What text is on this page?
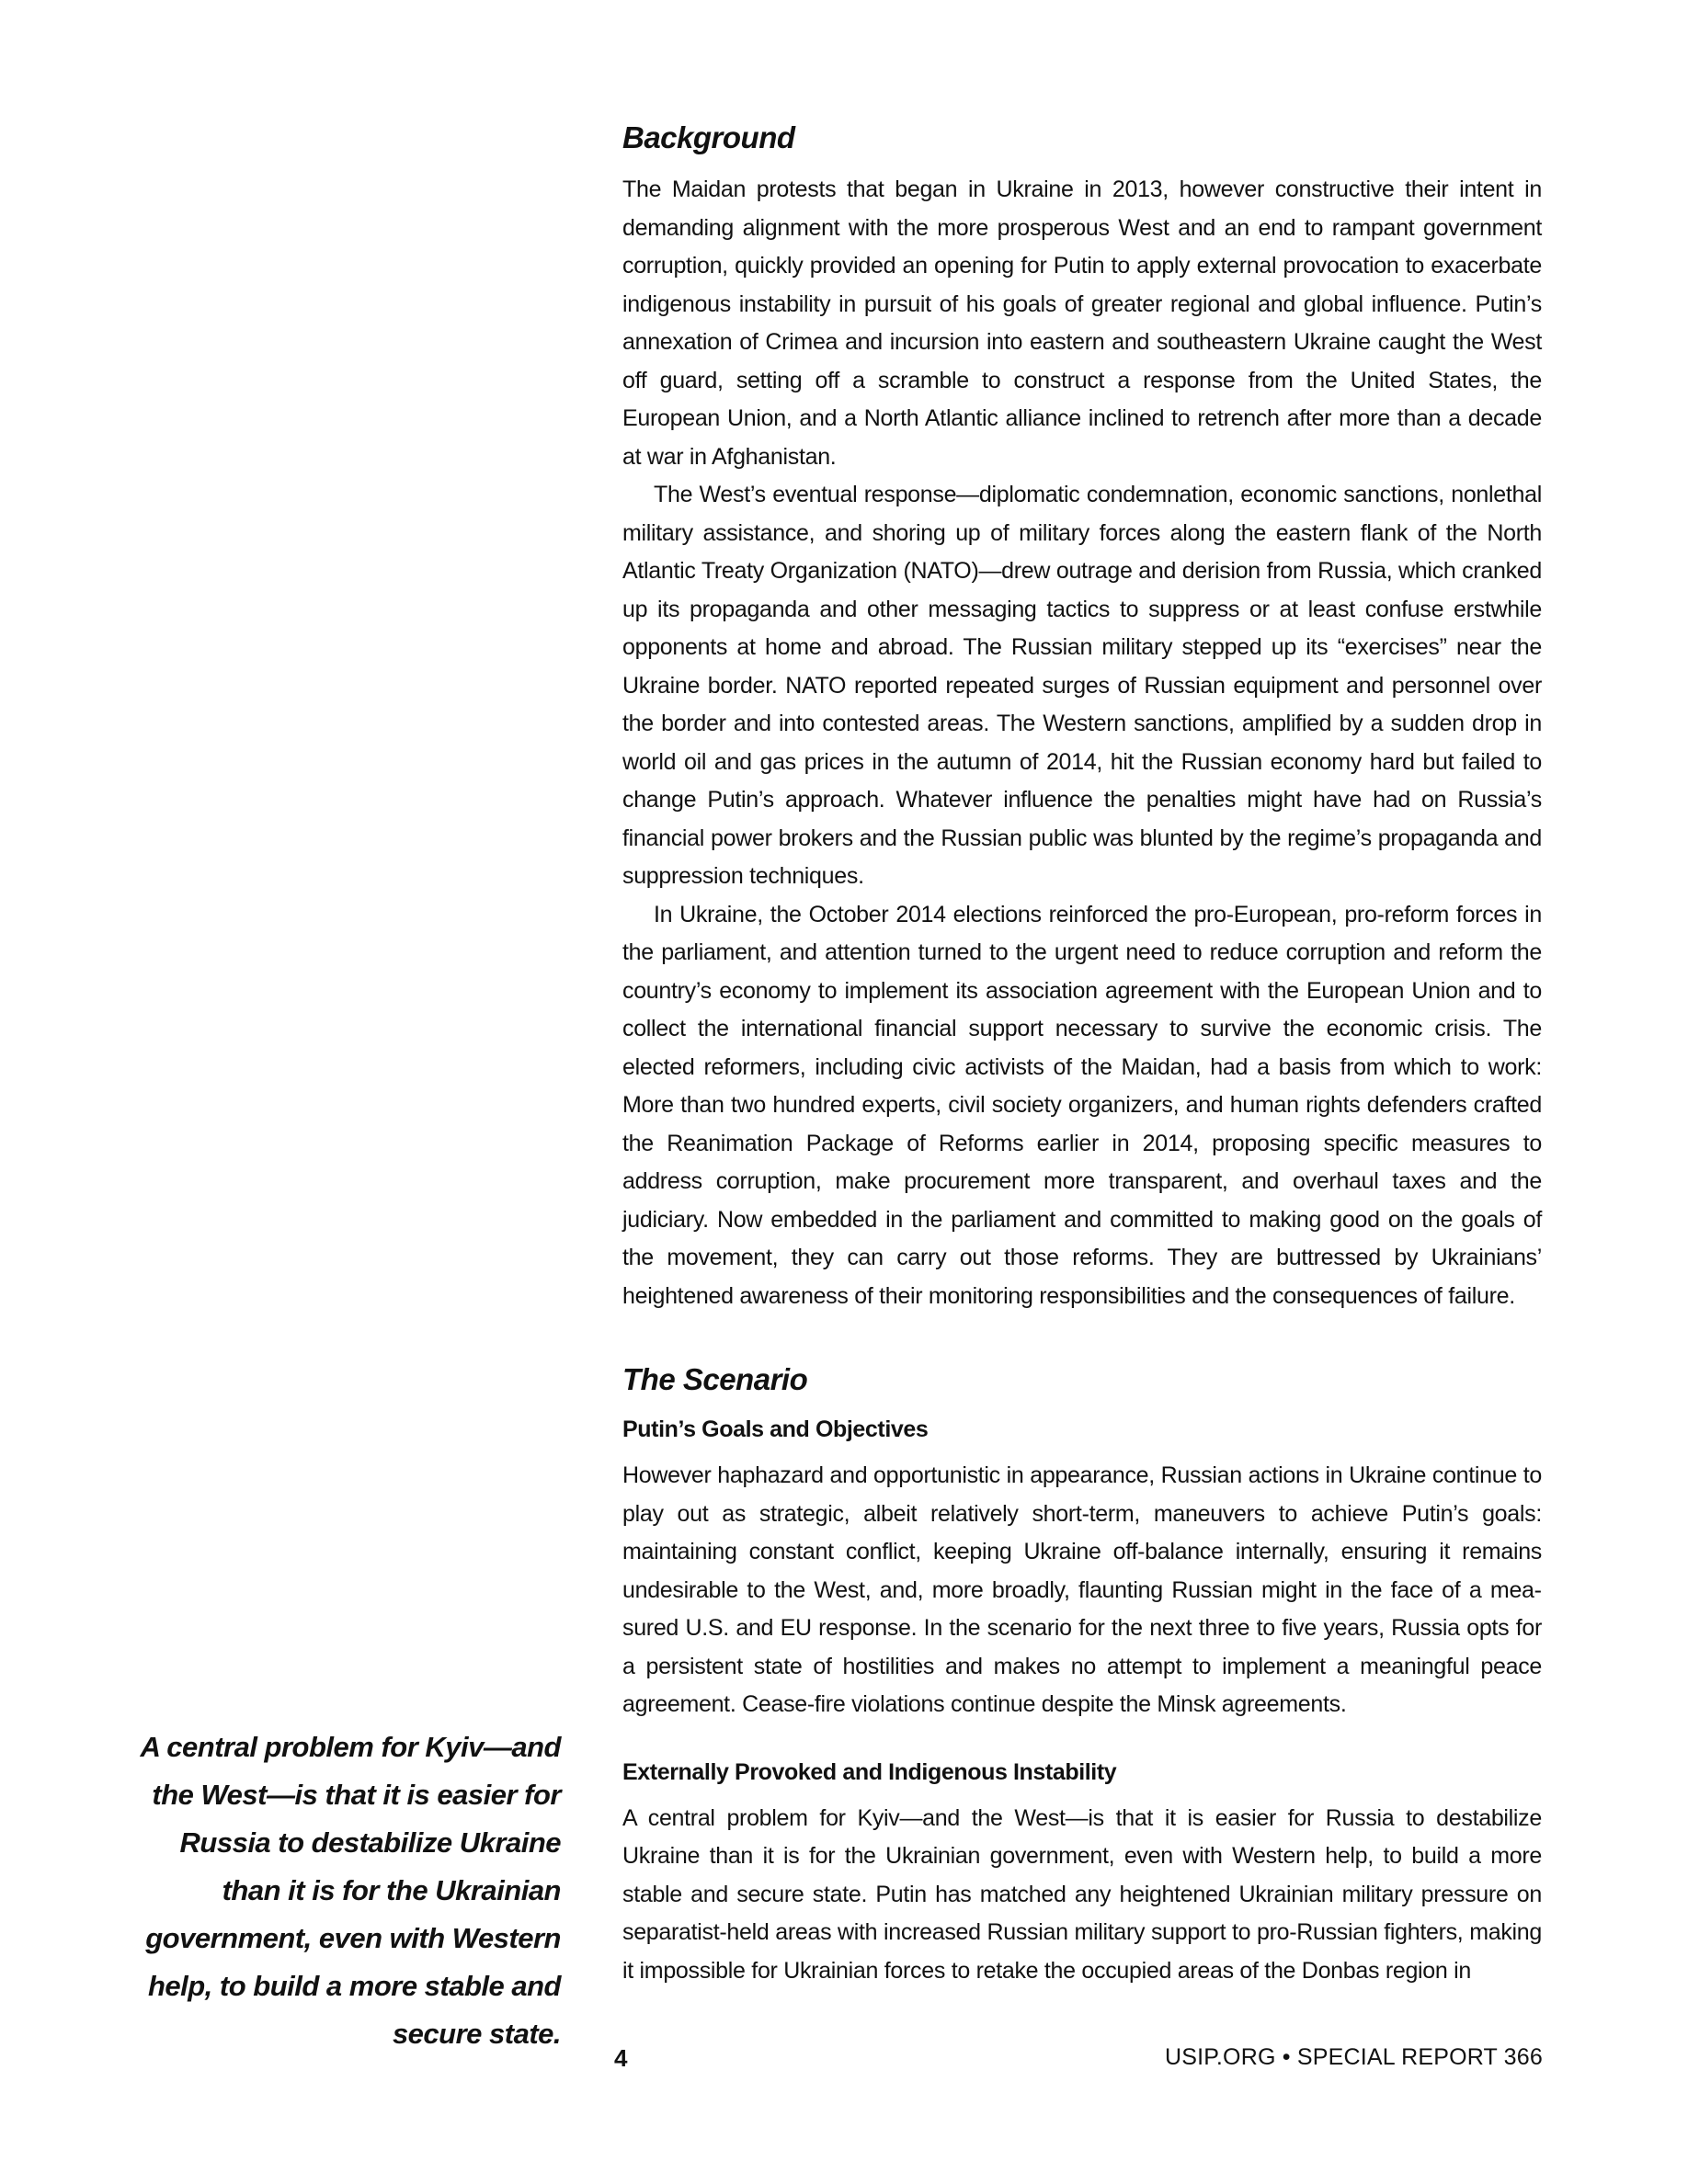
Background

The Maidan protests that began in Ukraine in 2013, however constructive their intent in demanding alignment with the more prosperous West and an end to rampant government corruption, quickly provided an opening for Putin to apply external provocation to exacerbate indigenous instability in pursuit of his goals of greater regional and global influence. Putin’s annexation of Crimea and incursion into eastern and southeastern Ukraine caught the West off guard, setting off a scramble to construct a response from the United States, the European Union, and a North Atlantic alliance inclined to retrench after more than a decade at war in Afghanistan.

The West’s eventual response—diplomatic condemnation, economic sanctions, nonlethal military assistance, and shoring up of military forces along the eastern flank of the North Atlantic Treaty Organization (NATO)—drew outrage and derision from Russia, which cranked up its propaganda and other messaging tactics to suppress or at least confuse erstwhile opponents at home and abroad. The Russian military stepped up its “exercises” near the Ukraine border. NATO reported repeated surges of Russian equipment and personnel over the border and into contested areas. The Western sanctions, amplified by a sudden drop in world oil and gas prices in the autumn of 2014, hit the Russian economy hard but failed to change Putin’s approach. Whatever influence the penalties might have had on Russia’s financial power brokers and the Russian public was blunted by the regime’s propaganda and suppression techniques.

In Ukraine, the October 2014 elections reinforced the pro-European, pro-reform forces in the parliament, and attention turned to the urgent need to reduce corruption and reform the country’s economy to implement its association agreement with the European Union and to collect the international financial support necessary to survive the economic crisis. The elected reformers, including civic activists of the Maidan, had a basis from which to work: More than two hundred experts, civil society organizers, and human rights defenders crafted the Reanimation Package of Reforms earlier in 2014, proposing specific measures to address corruption, make procurement more transparent, and overhaul taxes and the judiciary. Now embedded in the parliament and committed to making good on the goals of the movement, they can carry out those reforms. They are buttressed by Ukrainians’ heightened awareness of their monitoring responsibilities and the consequences of failure.

The Scenario
Putin’s Goals and Objectives

However haphazard and opportunistic in appearance, Russian actions in Ukraine continue to play out as strategic, albeit relatively short-term, maneuvers to achieve Putin’s goals: maintaining constant conflict, keeping Ukraine off-balance internally, ensuring it remains undesirable to the West, and, more broadly, flaunting Russian might in the face of a measured U.S. and EU response. In the scenario for the next three to five years, Russia opts for a persistent state of hostilities and makes no attempt to implement a meaningful peace agreement. Cease-fire violations continue despite the Minsk agreements.

Externally Provoked and Indigenous Instability

A central problem for Kyiv—and the West—is that it is easier for Russia to destabilize Ukraine than it is for the Ukrainian government, even with Western help, to build a more stable and secure state. Putin has matched any heightened Ukrainian military pressure on separatist-held areas with increased Russian military support to pro-Russian fighters, making it impossible for Ukrainian forces to retake the occupied areas of the Donbas region in

A central problem for Kyiv—and the West—is that it is easier for Russia to destabilize Ukraine than it is for the Ukrainian government, even with Western help, to build a more stable and secure state.
4	USIP.ORG • SPECIAL REPORT 366
